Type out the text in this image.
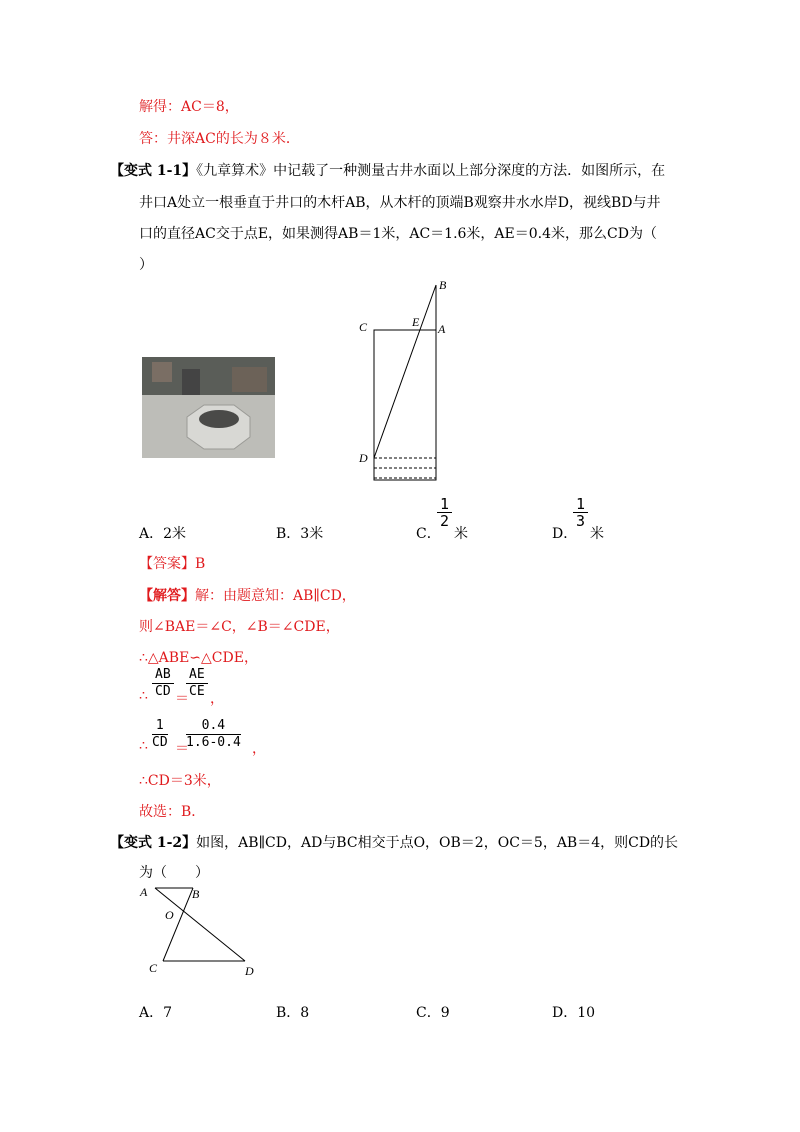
解得：AC＝8，
答：井深AC的长为８米．
【变式 1-1】《九章算术》中记载了一种测量古井水面以上部分深度的方法．如图所示，在
井口A处立一根垂直于井口的木杆AB，从木杆的顶端B观察井水水岸D，视线BD与井
口的直径AC交于点E，如果测得AB＝1米，AC＝1.6米，AE＝0.4米，那么CD为（
）
B
C	E A
D
A．2米	B．3米	C．
$\frac{1}{2}$
米	D．
$\frac{1}{3}$
米
【答案】B
【解答】解：由题意知：AB∥CD，
则∠BAE＝∠C，∠B＝∠CDE，
∴△ABE∽△CDE，
∴ $\frac{AB}{CD}$ ＝
$\frac{AE}{CE}$ ，
∴ $\frac{1}{CD}$ ＝
$\frac{0.4}{1.6-0.4}$ ，
∴CD＝3米，
故选：B．
【变式 1-2】如图，AB∥CD，AD与BC相交于点O，OB＝2，OC＝5，AB＝4，则CD的长
为（　　）
A	B
O
C	D
A．7	B．8	C．9	D．10
